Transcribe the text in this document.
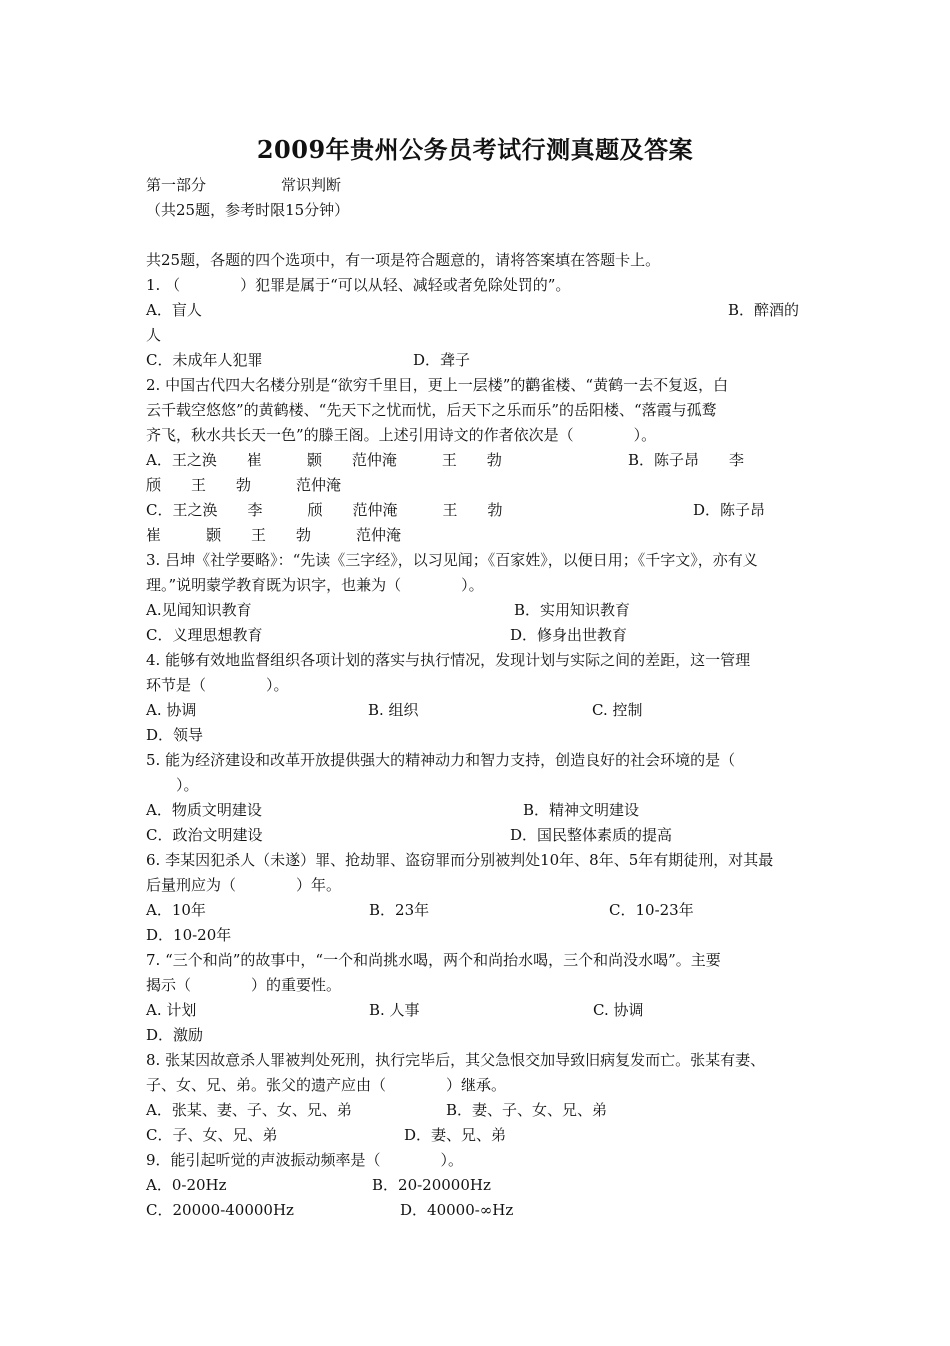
2009年贵州公务员考试行测真题及答案
第一部分	常识判断
（共25题，参考时限15分钟）
共25题，各题的四个选项中，有一项是符合题意的，请将答案填在答题卡上。
1. （　　　　）犯罪是属于“可以从轻、减轻或者免除处罚的”。
A．盲人	B．醉酒的
人
C．未成年人犯罪	D．聋子
2. 中国古代四大名楼分别是“欲穷千里目，更上一层楼”的鹳雀楼、“黄鹤一去不复返，白
云千载空悠悠”的黄鹤楼、“先天下之忧而忧，后天下之乐而乐”的岳阳楼、“落霞与孤鹜
齐飞，秋水共长天一色”的滕王阁。上述引用诗文的作者依次是（　　　　）。
A．王之涣　　崔　　　颢　　范仲淹　　　王　　勃	B．陈子昂　　李
颀　　王　　勃　　　范仲淹
C．王之涣　　李　　　颀　　范仲淹　　　王　　勃	D．陈子昂
崔　　　颢　　王　　勃　　　范仲淹
3. 吕坤《社学要略》：“先读《三字经》，以习见闻；《百家姓》，以便日用；《千字文》，亦有义
理。”说明蒙学教育既为识字，也兼为（　　　　）。
A.见闻知识教育	B．实用知识教育
C．义理思想教育	D．修身出世教育
4. 能够有效地监督组织各项计划的落实与执行情况，发现计划与实际之间的差距，这一管理
环节是（　　　　）。
A. 协调	B. 组织	C. 控制
D．领导
5. 能为经济建设和改革开放提供强大的精神动力和智力支持，创造良好的社会环境的是（
　　）。
A．物质文明建设	B．精神文明建设
C．政治文明建设	D．国民整体素质的提高
6. 李某因犯杀人（未遂）罪、抢劫罪、盗窃罪而分别被判处10年、8年、5年有期徒刑，对其最
后量刑应为（　　　　）年。
A．10年	B．23年	C．10-23年
D．10-20年
7. “三个和尚”的故事中，“一个和尚挑水喝，两个和尚抬水喝，三个和尚没水喝”。主要
揭示（　　　　）的重要性。
A. 计划	B. 人事	C. 协调
D．激励
8. 张某因故意杀人罪被判处死刑，执行完毕后，其父急恨交加导致旧病复发而亡。张某有妻、
子、女、兄、弟。张父的遗产应由（　　　　）继承。
A．张某、妻、子、女、兄、弟	B．妻、子、女、兄、弟
C．子、女、兄、弟	D．妻、兄、弟
9．能引起听觉的声波振动频率是（　　　　）。
A．0-20Hz	B．20-20000Hz
C．20000-40000Hz	D．40000-∞Hz
